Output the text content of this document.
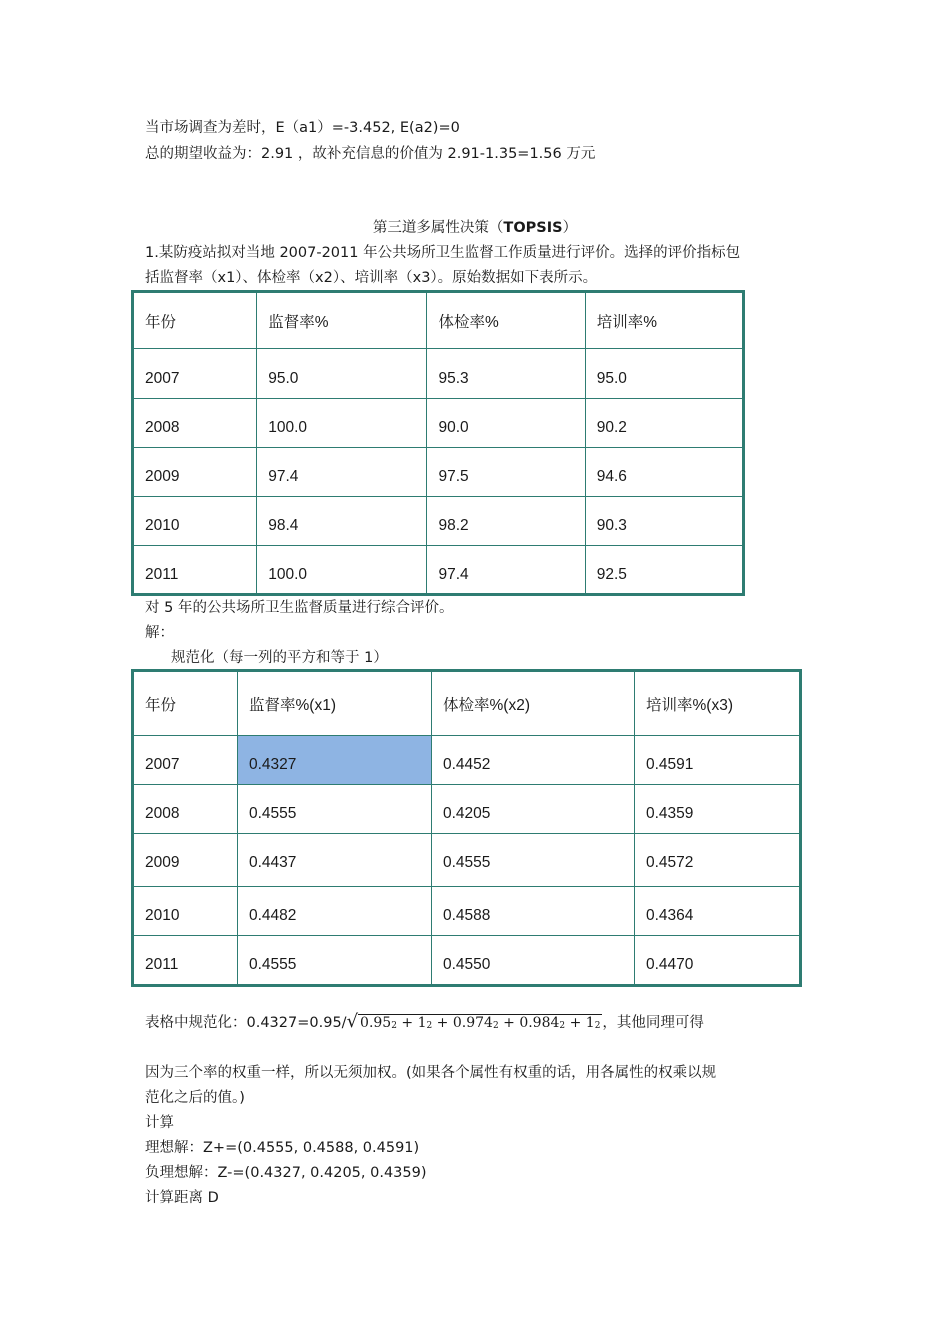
当市场调查为差时，E（a1）=-3.452, E(a2)=0
总的期望收益为：2.91 ，故补充信息的价值为 2.91-1.35=1.56 万元
第三道多属性决策（TOPSIS）
1.某防疫站拟对当地 2007-2011 年公共场所卫生监督工作质量进行评价。选择的评价指标包
括监督率（x1）、体检率（x2）、培训率（x3）。原始数据如下表所示。
年份	监督率%	体检率%	培训率%
2007	95.0	95.3	95.0
2008	100.0	90.0	90.2
2009	97.4	97.5	94.6
2010	98.4	98.2	90.3
2011	100.0	97.4	92.5
对 5 年的公共场所卫生监督质量进行综合评价。
解：
规范化（每一列的平方和等于 1）
年份	监督率%(x1)	体检率%(x2)	培训率%(x3)
2007	0.4327	0.4452	0.4591
2008	0.4555	0.4205	0.4359
2009	0.4437	0.4555	0.4572
2010	0.4482	0.4588	0.4364
2011	0.4555	0.4550	0.4470
表格中规范化：0.4327=0.95/√ $0.95_2 + 1_2 + 0.974_2 + 0.984_2 + 1_2$ ，其他同理可得
因为三个率的权重一样，所以无须加权。(如果各个属性有权重的话，用各属性的权乘以规
范化之后的值。)
计算
理想解：Z+=(0.4555, 0.4588, 0.4591)
负理想解：Z-=(0.4327, 0.4205, 0.4359)
计算距离 D
